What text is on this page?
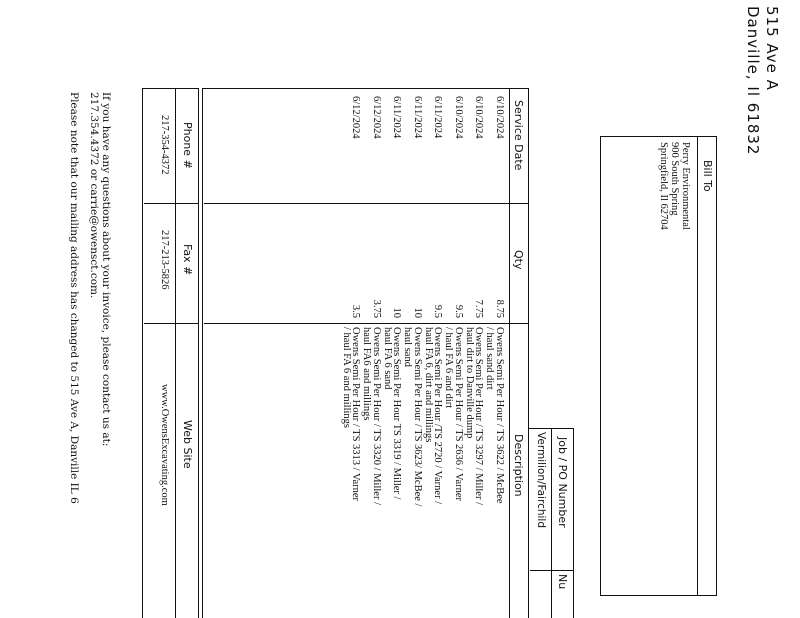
515 Ave A
Danville, Il 61832
Bill To
Perry Environmental
900 South Spring
Springfield, Il 62704
Job / PO Number
Nu
Vermilion/Fairchild
Service Date
Qty
Description
6/10/2024
8.75
Owens Semi Per Hour / TS 3622 / McBee
/ haul sand dirt
6/10/2024
7.75
Owens Semi Per Hour / TS 3297 / Miller /
haul dirt to Danville dump
6/10/2024
9.5
Owens Semi Per Hour / TS 2636 / Varner
/ haul FA 6 and dirt
6/11/2024
9.5
Owens Semi Per Hour /TS 2720 / Varner /
haul FA 6, dirt and millings
6/11/2024
10
Owens Semi Per Hour / TS 3623/ McBee /
haul sand
6/11/2024
10
Owens Semi Per Hour TS 3319 / Miller /
haul FA 6 sand
6/12/2024
3.75
Owens Semi Per Hour / TS 3320 / Miller /
haul FA6 and millings
6/12/2024
3.5
Owens Semi Per Hour / TS 3313 / Varner
/ haul FA 6 and millings
Phone #
217-354-4372
Fax #
217-213-5826
Web Site
www.OwensExcavating.com
If you have any questions about your invoice, please contact us at:
217.354.4372 or carrie@owensct.com.
Please note that our mailing address has changed to 515 Ave A, Danville IL 6
